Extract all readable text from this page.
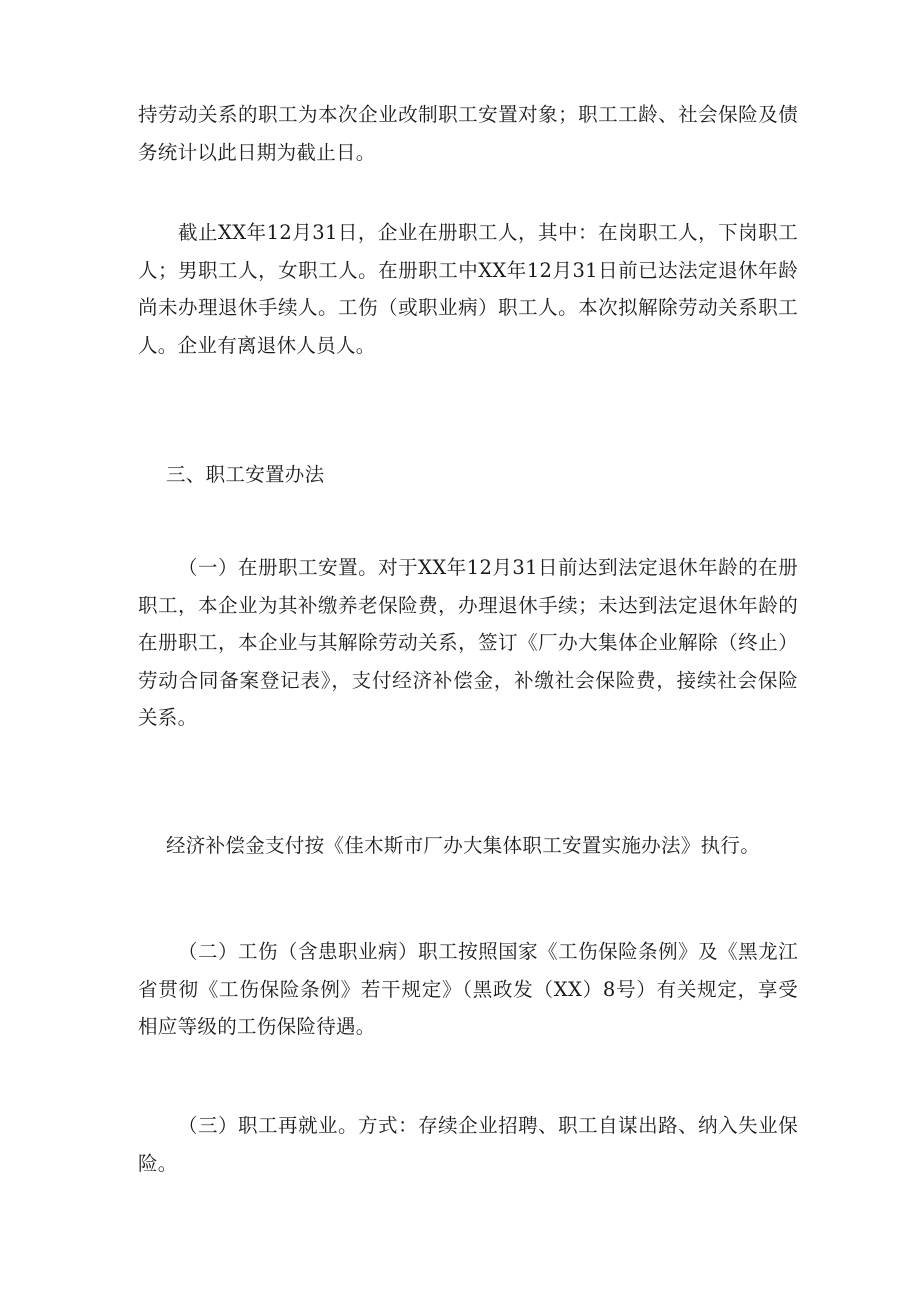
持劳动关系的职工为本次企业改制职工安置对象；职工工龄、社会保险及债务统计以此日期为截止日。

截止XX年12月31日，企业在册职工人，其中：在岗职工人，下岗职工人；男职工人，女职工人。在册职工中XX年12月31日前已达法定退休年龄尚未办理退休手续人。工伤（或职业病）职工人。本次拟解除劳动关系职工人。企业有离退休人员人。

三、职工安置办法

（一）在册职工安置。对于XX年12月31日前达到法定退休年龄的在册职工，本企业为其补缴养老保险费，办理退休手续；未达到法定退休年龄的在册职工，本企业与其解除劳动关系，签订《厂办大集体企业解除（终止）劳动合同备案登记表》，支付经济补偿金，补缴社会保险费，接续社会保险关系。

经济补偿金支付按《佳木斯市厂办大集体职工安置实施办法》执行。

（二）工伤（含患职业病）职工按照国家《工伤保险条例》及《黑龙江省贯彻《工伤保险条例》若干规定》（黑政发（XX）8号）有关规定，享受相应等级的工伤保险待遇。

（三）职工再就业。方式：存续企业招聘、职工自谋出路、纳入失业保险。
